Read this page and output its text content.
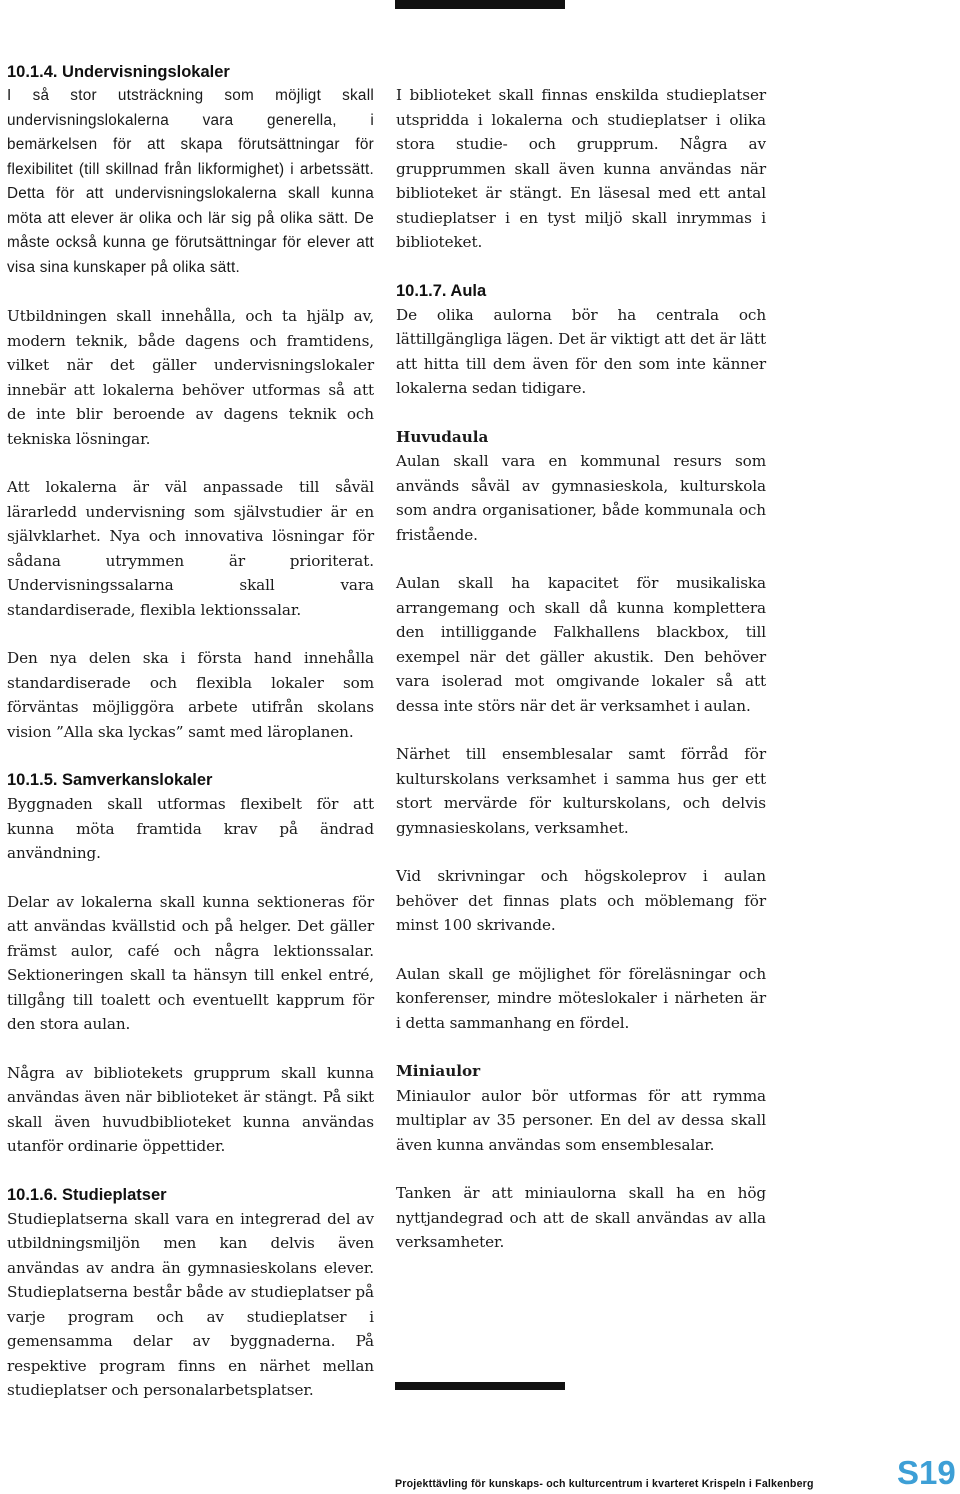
10.1.4. Undervisningslokaler

I så stor utsträckning som möjligt skall undervisningslokalerna vara generella, i bemärkelsen för att skapa förutsättningar för flexibilitet (till skillnad från likformighet) i arbetssätt. Detta för att undervisningslokalerna skall kunna möta att elever är olika och lär sig på olika sätt. De måste också kunna ge förutsättningar för elever att visa sina kunskaper på olika sätt.

Utbildningen skall innehålla, och ta hjälp av, modern teknik, både dagens och framtidens, vilket när det gäller undervisningslokaler innebär att lokalerna behöver utformas så att de inte blir beroende av dagens teknik och tekniska lösningar.

Att lokalerna är väl anpassade till såväl lärarledd undervisning som självstudier är en självklarhet. Nya och innovativa lösningar för sådana utrymmen är prioriterat. Undervisningssalarna skall vara standardiserade, flexibla lektionssalar.

Den nya delen ska i första hand innehålla standardiserade och flexibla lokaler som förväntas möjliggöra arbete utifrån skolans vision ”Alla ska lyckas” samt med läroplanen.

10.1.5. Samverkanslokaler

Byggnaden skall utformas flexibelt för att kunna möta framtida krav på ändrad användning.

Delar av lokalerna skall kunna sektioneras för att användas kvällstid och på helger. Det gäller främst aulor, café och några lektionssalar. Sektioneringen skall ta hänsyn till enkel entré, tillgång till toalett och eventuellt kapprum för den stora aulan.

Några av bibliotekets grupprum skall kunna användas även när biblioteket är stängt. På sikt skall även huvudbiblioteket kunna användas utanför ordinarie öppettider.

10.1.6. Studieplatser

Studieplatserna skall vara en integrerad del av utbildningsmiljön men kan delvis även användas av andra än gymnasieskolans elever. Studieplatserna består både av studieplatser på varje program och av studieplatser i gemensamma delar av byggnaderna. På respektive program finns en närhet mellan studieplatser och personalarbetsplatser.

I biblioteket skall finnas enskilda studieplatser utspridda i lokalerna och studieplatser i olika stora studie- och grupprum. Några av grupprummen skall även kunna användas när biblioteket är stängt. En läsesal med ett antal studieplatser i en tyst miljö skall inrymmas i biblioteket.

10.1.7. Aula

De olika aulorna bör ha centrala och lättillgängliga lägen. Det är viktigt att det är lätt att hitta till dem även för den som inte känner lokalerna sedan tidigare.

Huvudaula

Aulan skall vara en kommunal resurs som används såväl av gymnasieskola, kulturskola som andra organisationer, både kommunala och fristående.

Aulan skall ha kapacitet för musikaliska arrangemang och skall då kunna komplettera den intilliggande Falkhallens blackbox, till exempel när det gäller akustik. Den behöver vara isolerad mot omgivande lokaler så att dessa inte störs när det är verksamhet i aulan.

Närhet till ensemblesalar samt förråd för kulturskolans verksamhet i samma hus ger ett stort mervärde för kulturskolans, och delvis gymnasieskolans, verksamhet.

Vid skrivningar och högskoleprov i aulan behöver det finnas plats och möblemang för minst 100 skrivande.

Aulan skall ge möjlighet för föreläsningar och konferenser, mindre möteslokaler i närheten är i detta sammanhang en fördel.

Miniaulor

Miniaulor aulor bör utformas för att rymma multiplar av 35 personer. En del av dessa skall även kunna användas som ensemblesalar.

Tanken är att miniaulorna skall ha en hög nyttjandegrad och att de skall användas av alla verksamheter.

Projekttävling för kunskaps- och kulturcentrum i kvarteret Krispeln i Falkenberg	S19
